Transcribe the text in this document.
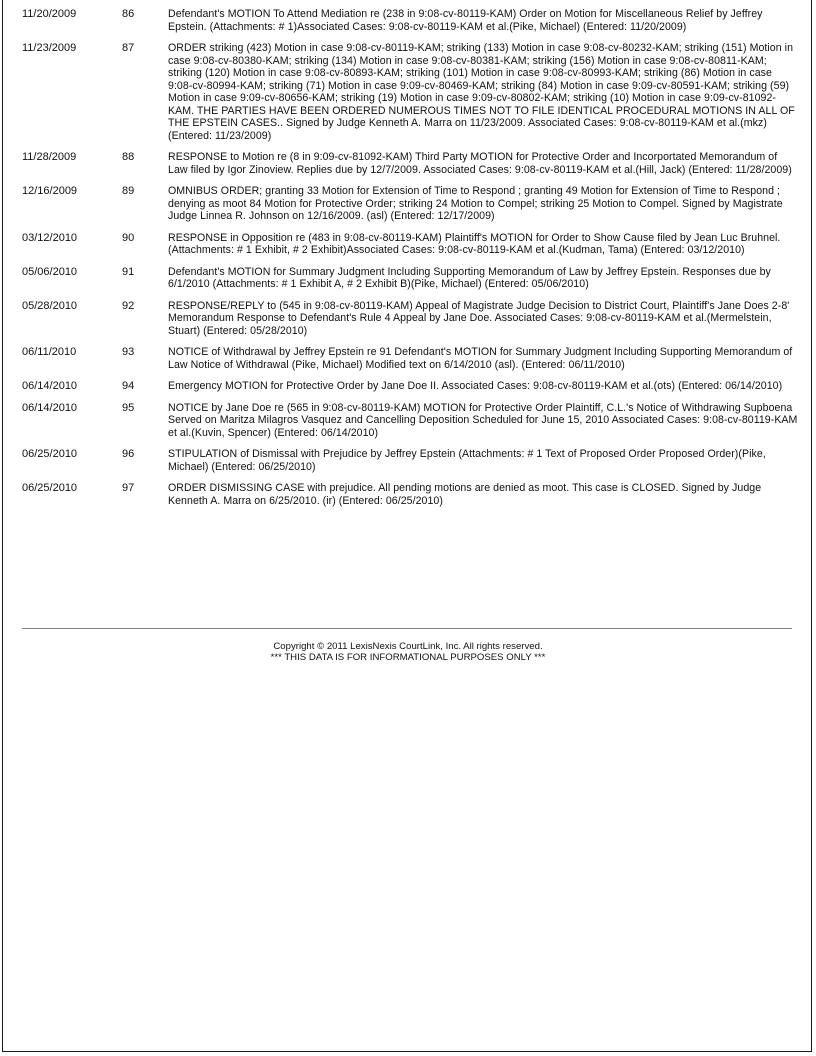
11/20/2009	86	Defendant's MOTION To Attend Mediation re (238 in 9:08-cv-80119-KAM) Order on Motion for Miscellaneous Relief by Jeffrey Epstein. (Attachments: # 1)Associated Cases: 9:08-cv-80119-KAM et al.(Pike, Michael) (Entered: 11/20/2009)
11/23/2009	87	ORDER striking (423) Motion in case 9:08-cv-80119-KAM; striking (133) Motion in case 9:08-cv-80232-KAM; striking (151) Motion in case 9:08-cv-80380-KAM; striking (134) Motion in case 9:08-cv-80381-KAM; striking (156) Motion in case 9:08-cv-80811-KAM; striking (120) Motion in case 9:08-cv-80893-KAM; striking (101) Motion in case 9:08-cv-80993-KAM; striking (86) Motion in case 9:08-cv-80994-KAM; striking (71) Motion in case 9:09-cv-80469-KAM; striking (84) Motion in case 9:09-cv-80591-KAM; striking (59) Motion in case 9:09-cv-80656-KAM; striking (19) Motion in case 9:09-cv-80802-KAM; striking (10) Motion in case 9:09-cv-81092-KAM. THE PARTIES HAVE BEEN ORDERED NUMEROUS TIMES NOT TO FILE IDENTICAL PROCEDURAL MOTIONS IN ALL OF THE EPSTEIN CASES.. Signed by Judge Kenneth A. Marra on 11/23/2009. Associated Cases: 9:08-cv-80119-KAM et al.(mkz) (Entered: 11/23/2009)
11/28/2009	88	RESPONSE to Motion re (8 in 9:09-cv-81092-KAM) Third Party MOTION for Protective Order and Incorportated Memorandum of Law filed by Igor Zinoview. Replies due by 12/7/2009. Associated Cases: 9:08-cv-80119-KAM et al.(Hill, Jack) (Entered: 11/28/2009)
12/16/2009	89	OMNIBUS ORDER; granting 33 Motion for Extension of Time to Respond ; granting 49 Motion for Extension of Time to Respond ; denying as moot 84 Motion for Protective Order; striking 24 Motion to Compel; striking 25 Motion to Compel. Signed by Magistrate Judge Linnea R. Johnson on 12/16/2009. (asl) (Entered: 12/17/2009)
03/12/2010	90	RESPONSE in Opposition re (483 in 9:08-cv-80119-KAM) Plaintiff's MOTION for Order to Show Cause filed by Jean Luc Bruhnel. (Attachments: # 1 Exhibit, # 2 Exhibit)Associated Cases: 9:08-cv-80119-KAM et al.(Kudman, Tama) (Entered: 03/12/2010)
05/06/2010	91	Defendant's MOTION for Summary Judgment Including Supporting Memorandum of Law by Jeffrey Epstein. Responses due by 6/1/2010 (Attachments: # 1 Exhibit A, # 2 Exhibit B)(Pike, Michael) (Entered: 05/06/2010)
05/28/2010	92	RESPONSE/REPLY to (545 in 9:08-cv-80119-KAM) Appeal of Magistrate Judge Decision to District Court, Plaintiff's Jane Does 2-8' Memorandum Response to Defendant's Rule 4 Appeal by Jane Doe. Associated Cases: 9:08-cv-80119-KAM et al.(Mermelstein, Stuart) (Entered: 05/28/2010)
06/11/2010	93	NOTICE of Withdrawal by Jeffrey Epstein re 91 Defendant's MOTION for Summary Judgment Including Supporting Memorandum of Law Notice of Withdrawal (Pike, Michael) Modified text on 6/14/2010 (asl). (Entered: 06/11/2010)
06/14/2010	94	Emergency MOTION for Protective Order by Jane Doe II. Associated Cases: 9:08-cv-80119-KAM et al.(ots) (Entered: 06/14/2010)
06/14/2010	95	NOTICE by Jane Doe re (565 in 9:08-cv-80119-KAM) MOTION for Protective Order Plaintiff, C.L.'s Notice of Withdrawing Supboena Served on Maritza Milagros Vasquez and Cancelling Deposition Scheduled for June 15, 2010 Associated Cases: 9:08-cv-80119-KAM et al.(Kuvin, Spencer) (Entered: 06/14/2010)
06/25/2010	96	STIPULATION of Dismissal with Prejudice by Jeffrey Epstein (Attachments: # 1 Text of Proposed Order Proposed Order)(Pike, Michael) (Entered: 06/25/2010)
06/25/2010	97	ORDER DISMISSING CASE with prejudice. All pending motions are denied as moot. This case is CLOSED. Signed by Judge Kenneth A. Marra on 6/25/2010. (ir) (Entered: 06/25/2010)
Copyright © 2011 LexisNexis CourtLink, Inc. All rights reserved.
*** THIS DATA IS FOR INFORMATIONAL PURPOSES ONLY ***
